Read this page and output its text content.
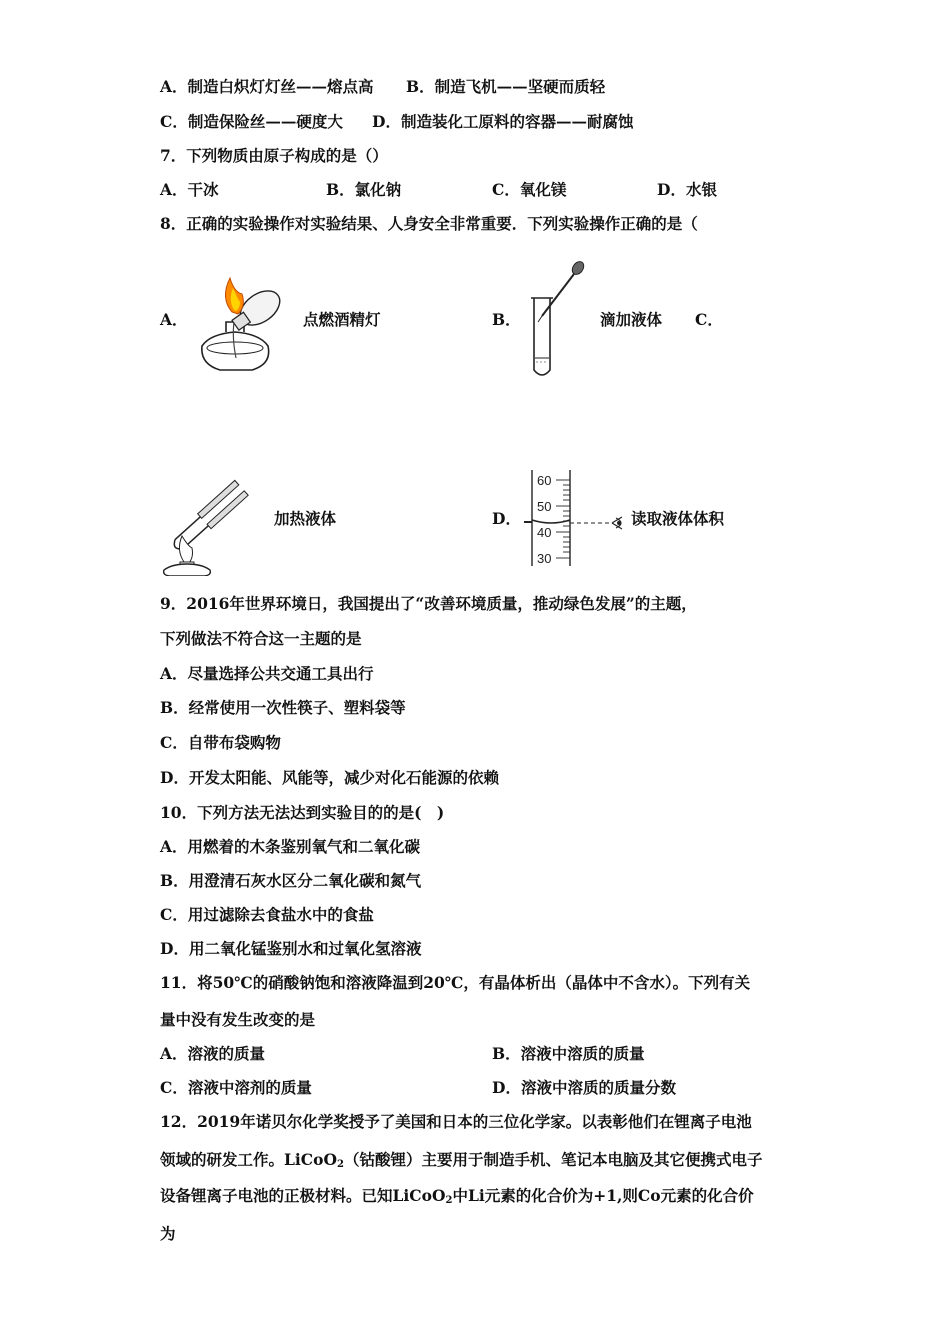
A．制造白炽灯灯丝——熔点高 B．制造飞机——坚硬而质轻
C．制造保险丝——硬度大 D．制造装化工原料的容器——耐腐蚀
7．下列物质由原子构成的是（）
A．干冰	B．氯化钠	C．氧化镁	D．水银
8．正确的实验操作对实验结果、人身安全非常重要．下列实验操作正确的是（
A．	点燃酒精灯	B．	滴加液体 C．
加热液体	D．
60
50
40
30
读取液体体积
9．2016年世界环境日，我国提出了“改善环境质量，推动绿色发展”的主题，
下列做法不符合这一主题的是
A．尽量选择公共交通工具出行
B．经常使用一次性筷子、塑料袋等
C．自带布袋购物
D．开发太阳能、风能等，减少对化石能源的依赖
10．下列方法无法达到实验目的的是(　)
A．用燃着的木条鉴别氧气和二氧化碳
B．用澄清石灰水区分二氧化碳和氮气
C．用过滤除去食盐水中的食盐
D．用二氧化锰鉴别水和过氧化氢溶液
11．将50℃的硝酸钠饱和溶液降温到20℃，有晶体析出（晶体中不含水）。下列有关
量中没有发生改变的是
A．溶液的质量	B．溶液中溶质的质量
C．溶液中溶剂的质量	D．溶液中溶质的质量分数
12．2019年诺贝尔化学奖授予了美国和日本的三位化学家。以表彰他们在锂离子电池
领域的研发工作。LiCoO$_2$（钴酸锂）主要用于制造手机、笔记本电脑及其它便携式电子
设备锂离子电池的正极材料。已知LiCoO$_2$中Li元素的化合价为+1,则Co元素的化合价
为
